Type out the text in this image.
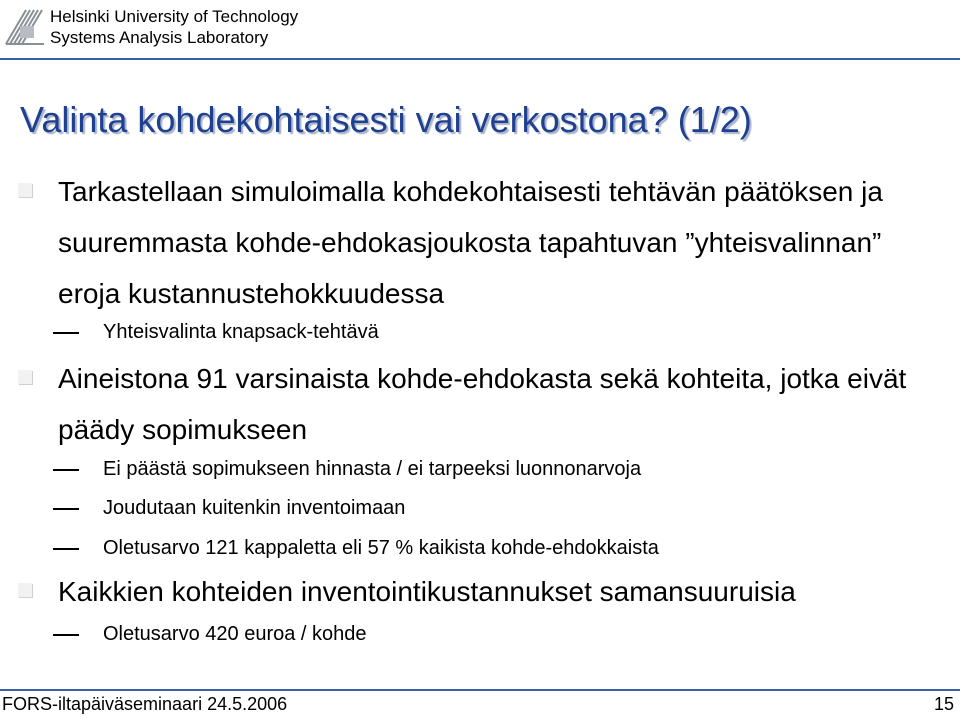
Helsinki University of Technology
Systems Analysis Laboratory
Valinta kohdekohtaisesti vai verkostona? (1/2)
Tarkastellaan simuloimalla kohdekohtaisesti tehtävän päätöksen ja suuremmasta kohde-ehdokasjoukosta tapahtuvan ”yhteisvalinnan” eroja kustannustehokkuudessa
Yhteisvalinta knapsack-tehtävä
Aineistona 91 varsinaista kohde-ehdokasta sekä kohteita, jotka eivät päädy sopimukseen
Ei päästä sopimukseen hinnasta / ei tarpeeksi luonnonarvoja
Joudutaan kuitenkin inventoimaan
Oletusarvo 121 kappaletta eli 57 % kaikista kohde-ehdokkaista
Kaikkien kohteiden inventointikustannukset samansuuruisia
Oletusarvo 420 euroa / kohde
FORS-iltapäiväseminaari 24.5.2006	15
